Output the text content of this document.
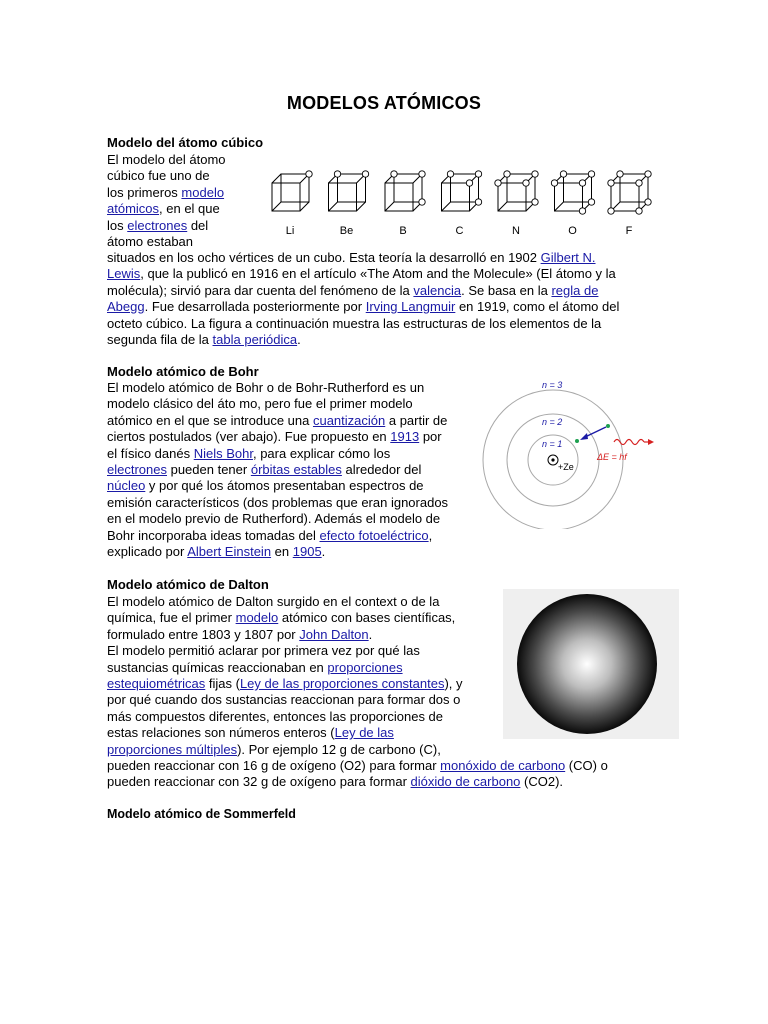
MODELOS ATÓMICOS
Modelo del átomo cúbico
El modelo del átomo
cúbico fue uno de
los primeros modelo
atómicos, en el que
los electrones del
átomo estaban
situados en los ocho vértices de un cubo. Esta teoría la desarrolló en 1902 Gilbert N.
Lewis, que la publicó en 1916 en el artículo «The Atom and the Molecule» (El átomo y la
molécula); sirvió para dar cuenta del fenómeno de la valencia. Se basa en la regla de
Abegg. Fue desarrollada posteriormente por Irving Langmuir en 1919, como el átomo del
octeto cúbico. La figura a continuación muestra las estructuras de los elementos de la
segunda fila de la tabla periódica.
Li	Be	B	C	N	O	F
Modelo atómico de Bohr
El modelo atómico de Bohr o de Bohr-Rutherford es un
modelo clásico del áto mo, pero fue el primer modelo
atómico en el que se introduce una cuantización a partir de
ciertos postulados (ver abajo). Fue propuesto en 1913 por
el físico danés Niels Bohr, para explicar cómo los
electrones pueden tener órbitas estables alrededor del
núcleo y por qué los átomos presentaban espectros de
emisión característicos (dos problemas que eran ignorados
en el modelo previo de Rutherford). Además el modelo de
Bohr incorporaba ideas tomadas del efecto fotoeléctrico,
explicado por Albert Einstein en 1905.
n = 3
n = 2
n = 1
+Ze
ΔE = hf
Modelo atómico de Dalton
El modelo atómico de Dalton surgido en el context o de la
química, fue el primer modelo atómico con bases científicas,
formulado entre 1803 y 1807 por John Dalton.
El modelo permitió aclarar por primera vez por qué las
sustancias químicas reaccionaban en proporciones
estequiométricas fijas (Ley de las proporciones constantes), y
por qué cuando dos sustancias reaccionan para formar dos o
más compuestos diferentes, entonces las proporciones de
estas relaciones son números enteros (Ley de las
proporciones múltiples). Por ejemplo 12 g de carbono (C),
pueden reaccionar con 16 g de oxígeno (O2) para formar monóxido de carbono (CO) o
pueden reaccionar con 32 g de oxígeno para formar dióxido de carbono (CO2).
Modelo atómico de Sommerfeld
